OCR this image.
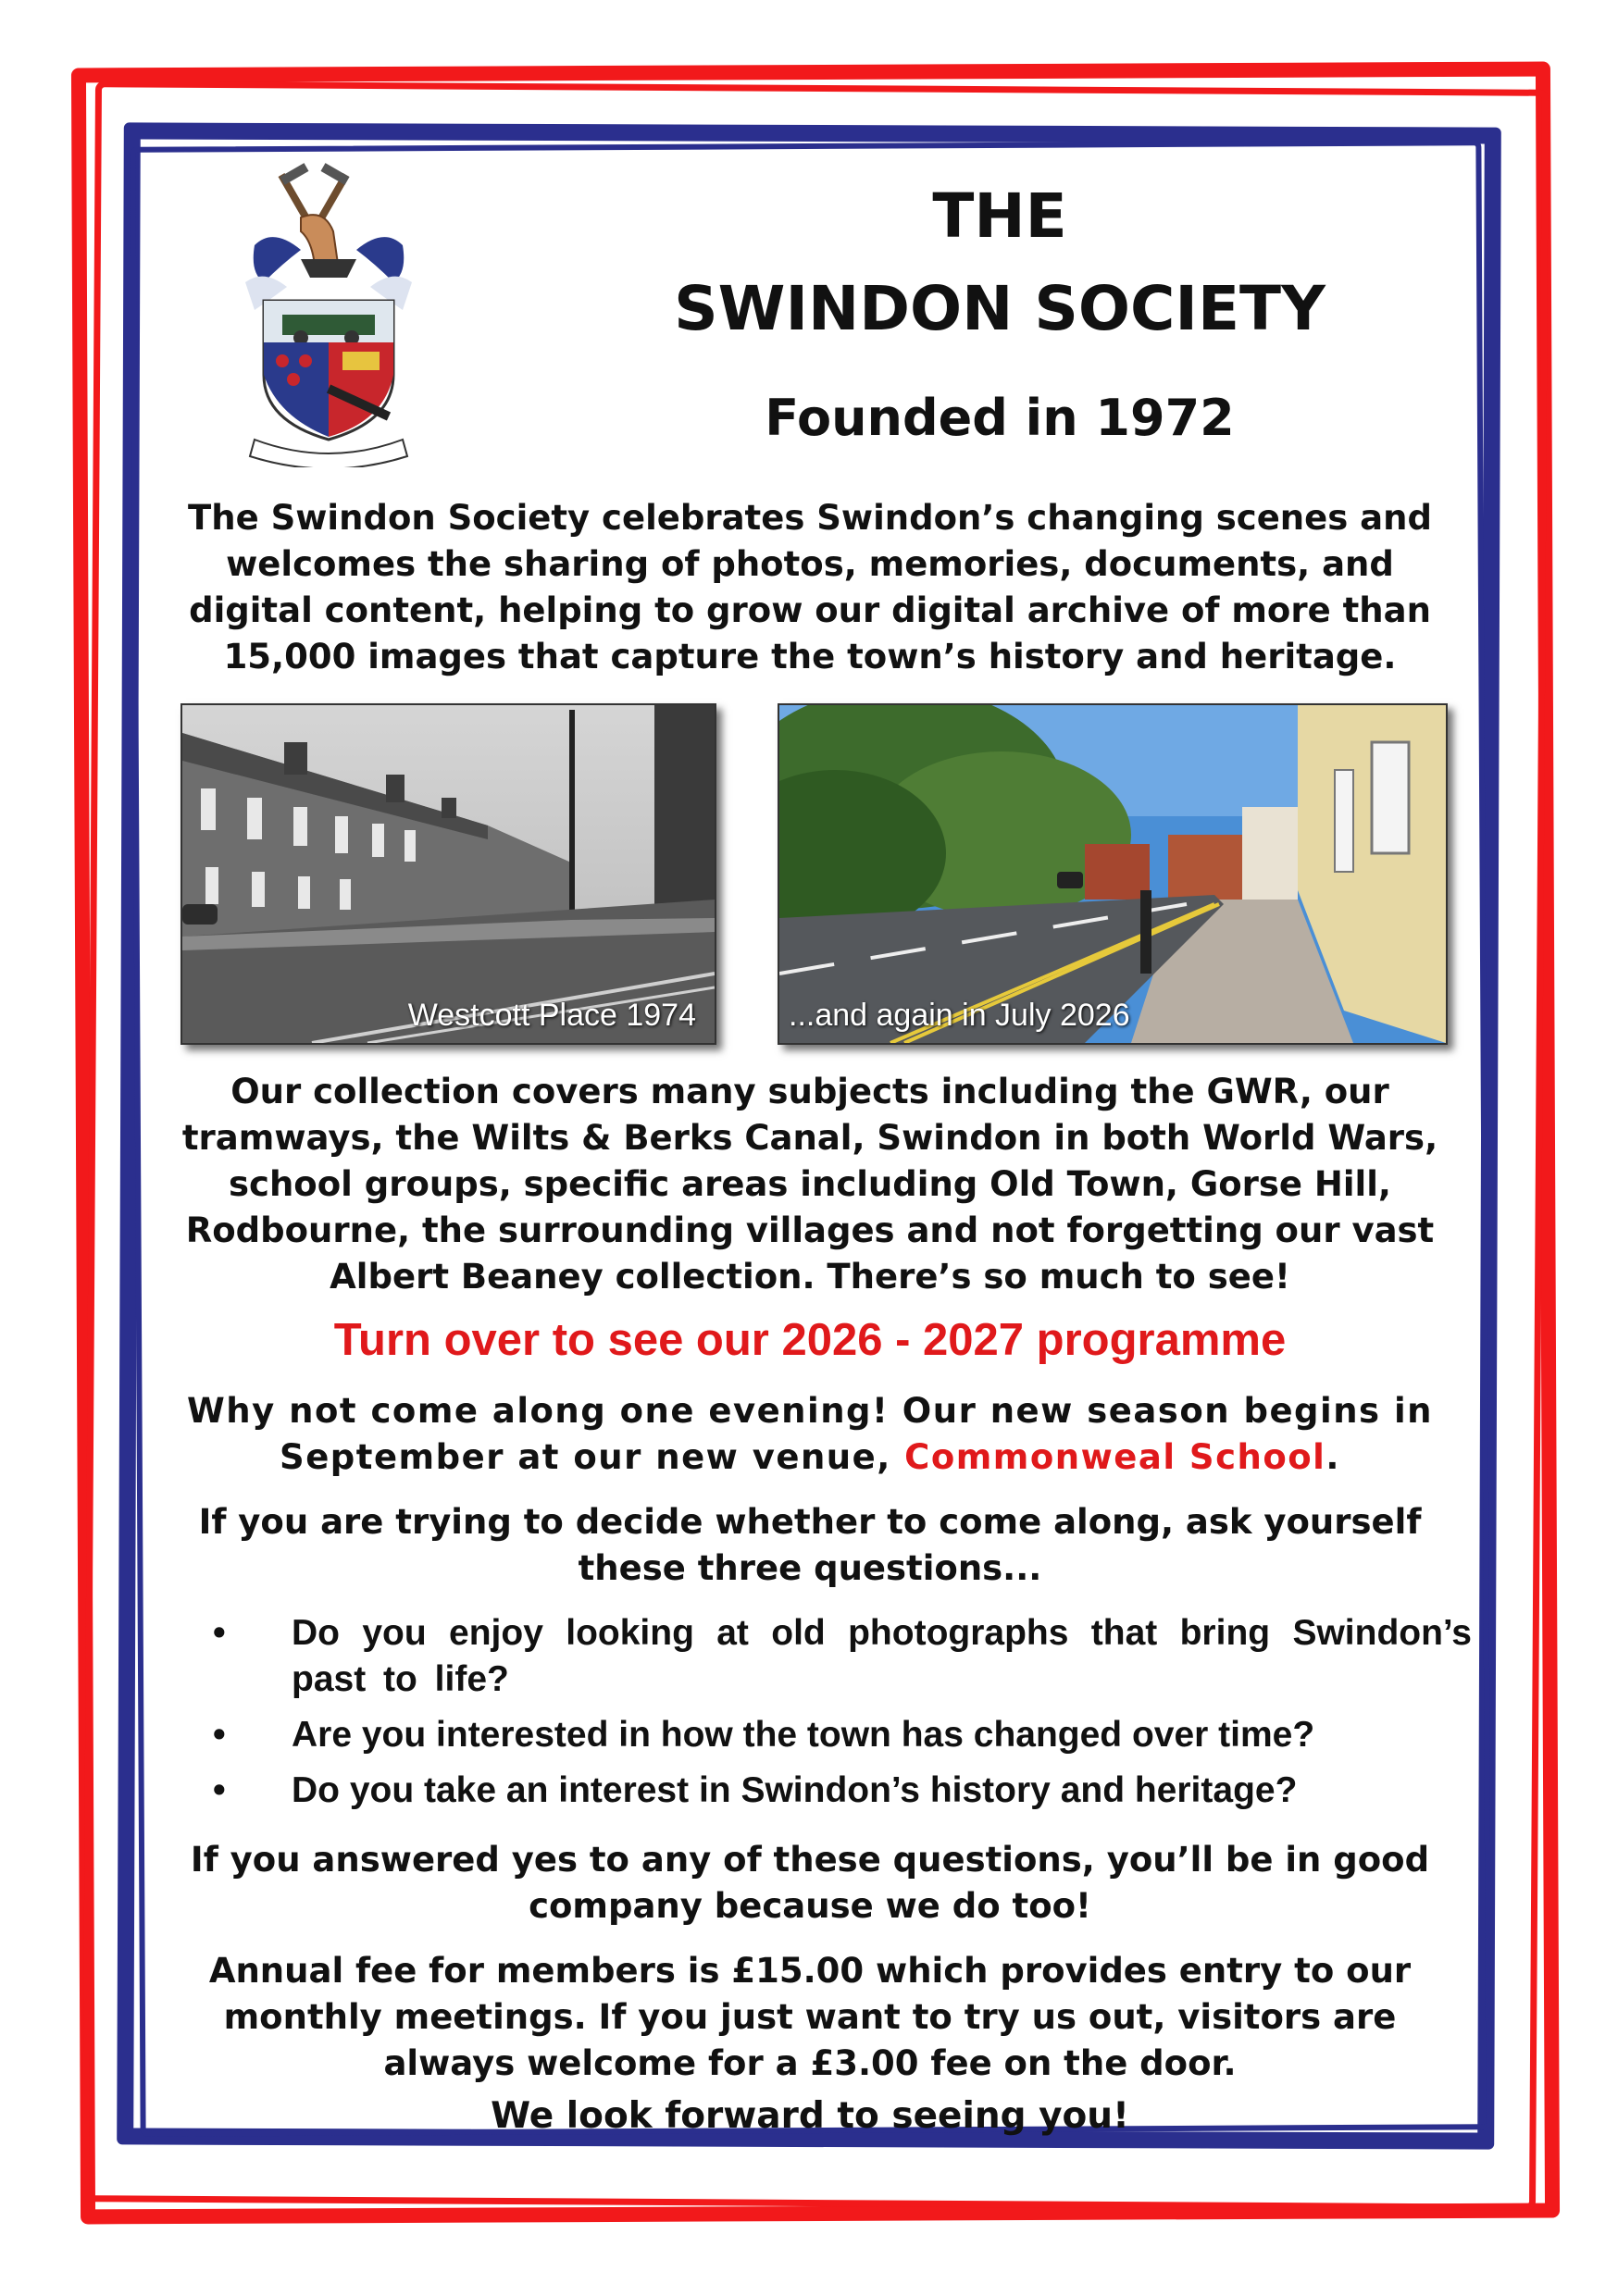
THE
SWINDON SOCIETY
Founded in 1972
The Swindon Society celebrates Swindon’s changing scenes and welcomes the sharing of photos, memories, documents, and digital content, helping to grow our digital archive of more than 15,000 images that capture the town’s history and heritage.
Westcott Place 1974	...and again in July 2026
Our collection covers many subjects including the GWR, our tramways, the Wilts & Berks Canal, Swindon in both World Wars, school groups, specific areas including Old Town, Gorse Hill, Rodbourne, the surrounding villages and not forgetting our vast Albert Beaney collection. There’s so much to see!
Turn over to see our 2026 - 2027 programme
Why not come along one evening! Our new season begins in September at our new venue, Commonweal School.
If you are trying to decide whether to come along, ask yourself these three questions...
• Do you enjoy looking at old photographs that bring Swindon’s past to life?
• Are you interested in how the town has changed over time?
• Do you take an interest in Swindon’s history and heritage?
If you answered yes to any of these questions, you’ll be in good company because we do too!
Annual fee for members is £15.00 which provides entry to our monthly meetings. If you just want to try us out, visitors are always welcome for a £3.00 fee on the door.
We look forward to seeing you!
